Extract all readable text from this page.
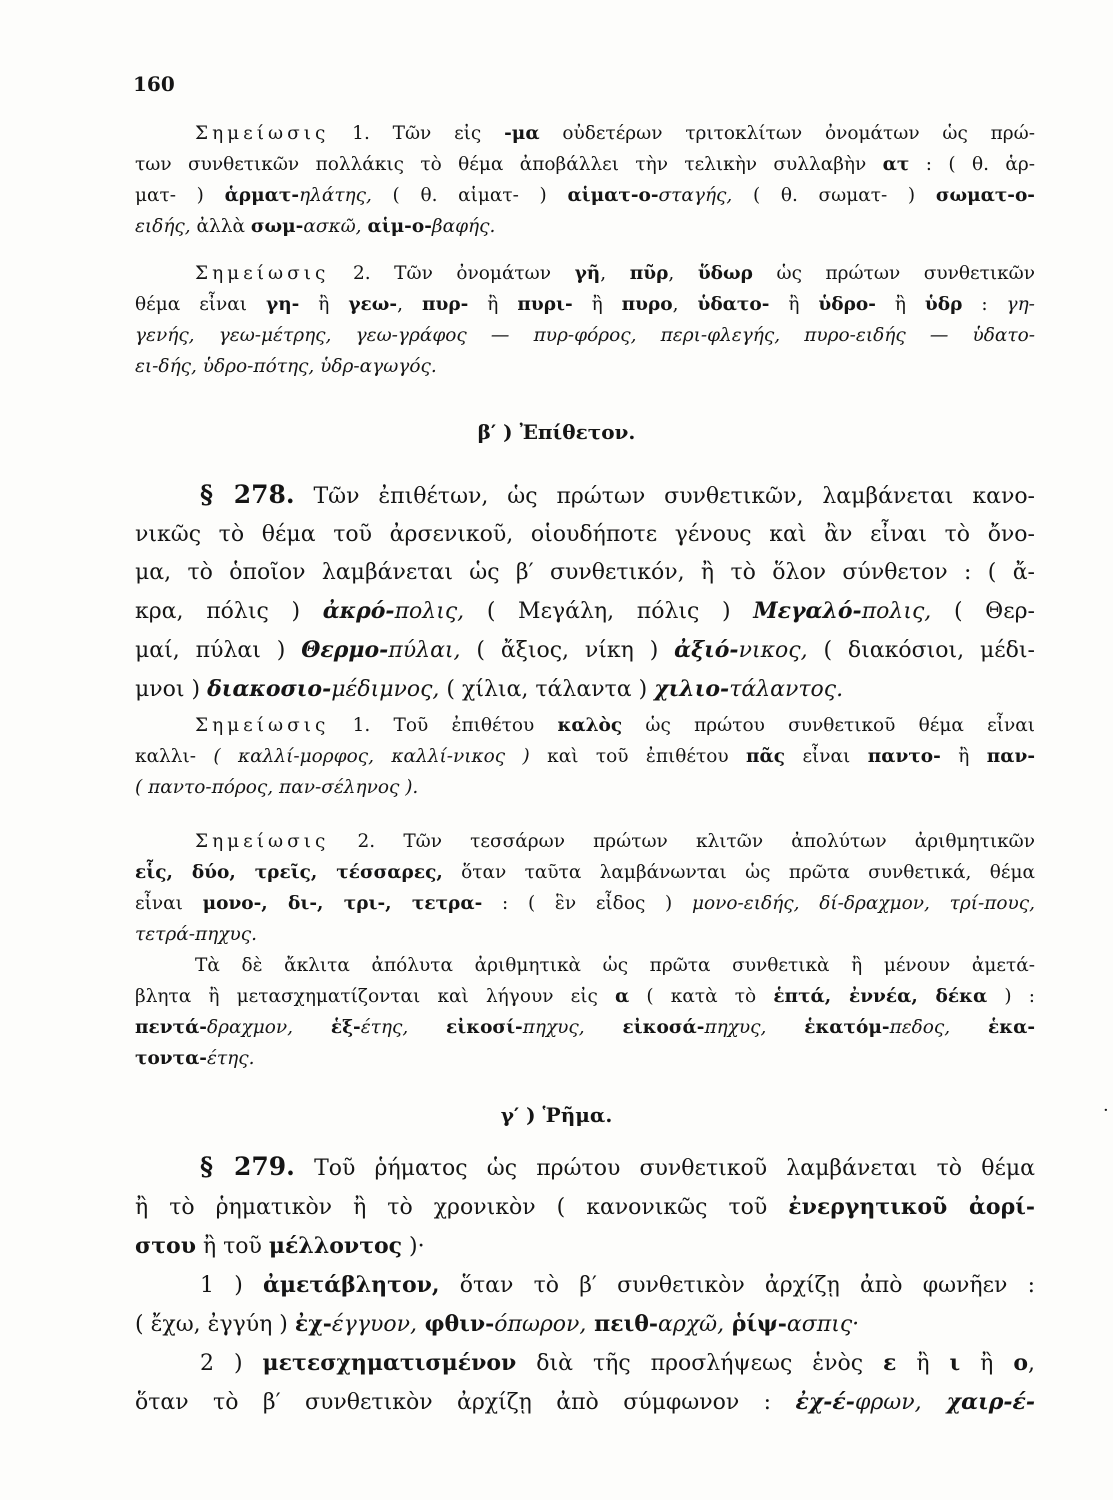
160
Σημείωσις 1. Τῶν εἰς -μα οὐδετέρων τριτοκλίτων ὀνομάτων ὡς πρώ-
των συνθετικῶν πολλάκις τὸ θέμα ἀποβάλλει τὴν τελικὴν συλλαβὴν ατ : ( θ. ἁρ-
ματ- ) ἁρματ-ηλάτης, ( θ. αἱματ- ) αἱματ-ο-σταγής, ( θ. σωματ- ) σωματ-ο-
ειδής, ἀλλὰ σωμ-ασκῶ, αἱμ-ο-βαφής.
Σημείωσις 2. Τῶν ὀνομάτων γῆ, πῦρ, ὕδωρ ὡς πρώτων συνθετικῶν
θέμα εἶναι γη- ἢ γεω-, πυρ- ἢ πυρι- ἢ πυρο, ὑδατο- ἢ ὑδρο- ἢ ὑδρ : γη-
γενής, γεω-μέτρης, γεω-γράφος — πυρ-φόρος, περι-φλεγής, πυρο-ειδής — ὑδατο-
ει-δής, ὑδρο-πότης, ὑδρ-αγωγός.
β′ ) Ἐπίθετον.
§ 278. Τῶν ἐπιθέτων, ὡς πρώτων συνθετικῶν, λαμβάνεται κανο-
νικῶς τὸ θέμα τοῦ ἀρσενικοῦ, οἱουδήποτε γένους καὶ ἂν εἶναι τὸ ὄνο-
μα, τὸ ὁποῖον λαμβάνεται ὡς β′ συνθετικόν, ἢ τὸ ὅλον σύνθετον : ( ἄ-
κρα, πόλις ) ἀκρό-πολις, ( Μεγάλη, πόλις ) Μεγαλό-πολις, ( Θερ-
μαί, πύλαι ) Θερμο-πύλαι, ( ἄξιος, νίκη ) ἀξιό-νικος, ( διακόσιοι, μέδι-
μνοι ) διακοσιο-μέδιμνος, ( χίλια, τάλαντα ) χιλιο-τάλαντος.
Σημείωσις 1. Τοῦ ἐπιθέτου καλὸς ὡς πρώτου συνθετικοῦ θέμα εἶναι
καλλι- ( καλλί-μορφος, καλλί-νικος ) καὶ τοῦ ἐπιθέτου πᾶς εἶναι παντο- ἢ παν-
( παντο-πόρος, παν-σέληνος ).
Σημείωσις 2. Τῶν τεσσάρων πρώτων κλιτῶν ἀπολύτων ἀριθμητικῶν
εἷς, δύο, τρεῖς, τέσσαρες, ὅταν ταῦτα λαμβάνωνται ὡς πρῶτα συνθετικά, θέμα
εἶναι μονο-, δι-, τρι-, τετρα- : ( ἓν εἶδος ) μονο-ειδής, δί-δραχμον, τρί-πους,
τετρά-πηχυς.
Τὰ δὲ ἄκλιτα ἀπόλυτα ἀριθμητικὰ ὡς πρῶτα συνθετικὰ ἢ μένουν ἀμετά-
βλητα ἢ μετασχηματίζονται καὶ λήγουν εἰς α ( κατὰ τὸ ἑπτά, ἐννέα, δέκα ) :
πεντά-δραχμον, ἑξ-έτης, εἰκοσί-πηχυς, εἰκοσά-πηχυς, ἑκατόμ-πεδος, ἑκα-
τοντα-έτης.
γ′ ) Ῥῆμα.	·
§ 279. Τοῦ ῥήματος ὡς πρώτου συνθετικοῦ λαμβάνεται τὸ θέμα
ἢ τὸ ῥηματικὸν ἢ τὸ χρονικὸν ( κανονικῶς τοῦ ἐνεργητικοῦ ἀορί-
στου ἢ τοῦ μέλλοντος )·
1 ) ἀμετάβλητον, ὅταν τὸ β′ συνθετικὸν ἀρχίζῃ ἀπὸ φωνῆεν :
( ἔχω, ἐγγύη ) ἐχ-έγγυον, φθιν-όπωρον, πειθ-αρχῶ, ῥίψ-ασπις·
2 ) μετεσχηματισμένον διὰ τῆς προσλήψεως ἑνὸς ε ἢ ι ἢ ο,
ὅταν τὸ β′ συνθετικὸν ἀρχίζῃ ἀπὸ σύμφωνον : ἐχ-έ-φρων, χαιρ-έ-
